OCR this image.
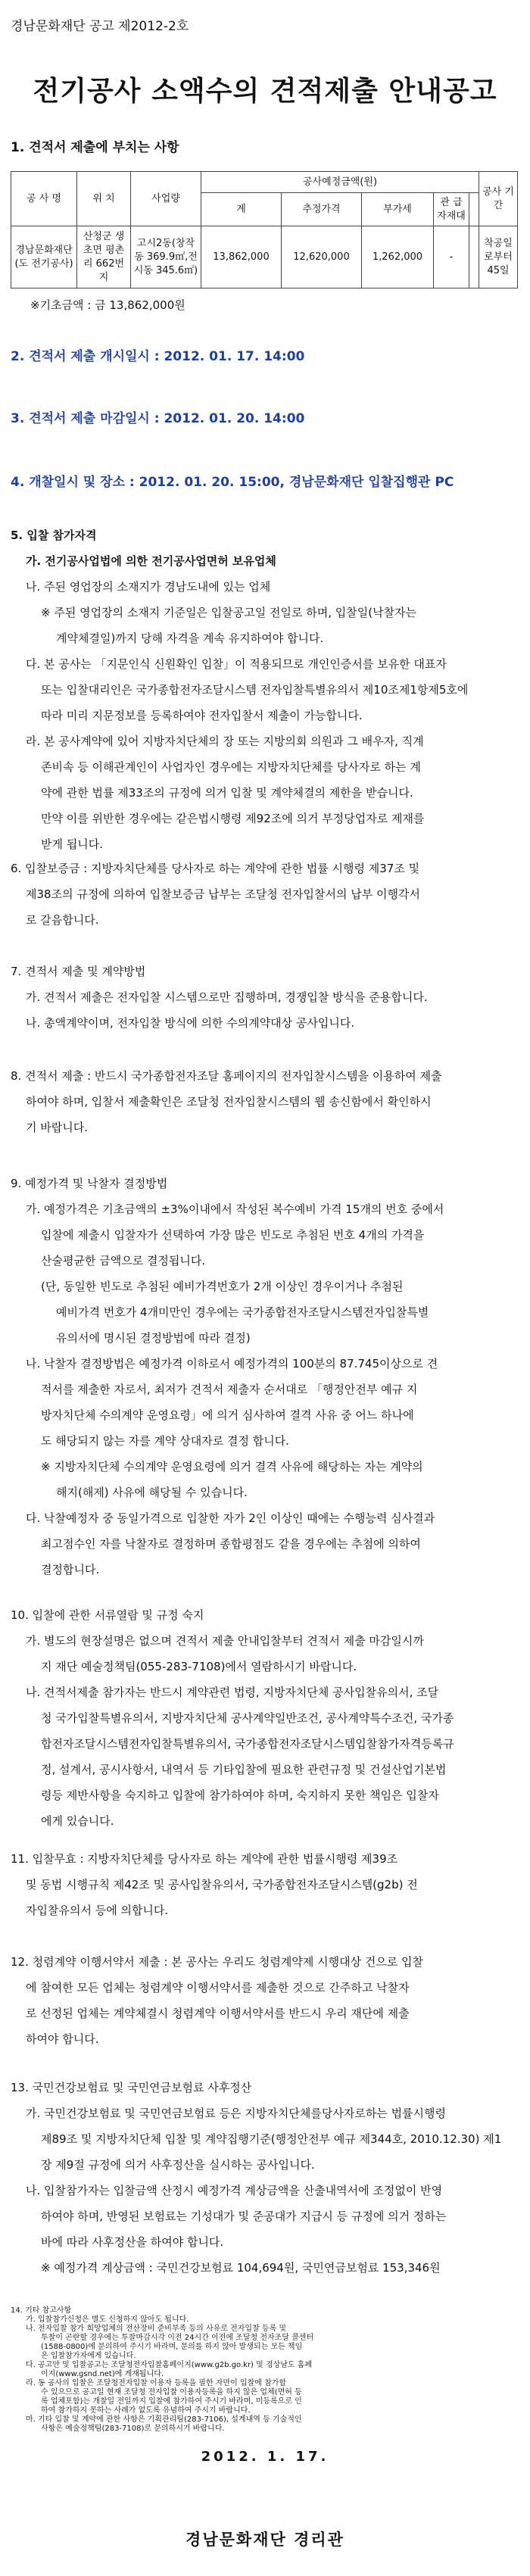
경남문화재단 공고 제2012-2호
전기공사 소액수의 견적제출 안내공고
1. 견적서 제출에 부치는 사항
공 사 명	위 치	사업량	공사예정금액(원)					공사 기간
			계	추정가격	부가세	관 급 자재대		
경남문화재단(도 전기공사)	산청군 생초면 평촌리 662번지	고시2동(창작동 369.9㎡,전시동 345.6㎡)	13,862,000	12,620,000	1,262,000	-		착공일 로부터 45일
※기초금액 : 금 13,862,000원
2. 견적서 제출 개시일시 : 2012. 01. 17. 14:00
3. 견적서 제출 마감일시 : 2012. 01. 20. 14:00
4. 개찰일시 및 장소 : 2012. 01. 20. 15:00, 경남문화재단 입찰집행관 PC

5. 입찰 참가자격

가. 전기공사업법에 의한 전기공사업면허 보유업체

나. 주된 영업장의 소재지가 경남도내에 있는 업체

※ 주된 영업장의 소재지 기준일은 입찰공고일 전일로 하며, 입찰일(낙찰자는

계약체결일)까지 당해 자격을 계속 유지하여야 합니다.

다. 본 공사는 「지문인식 신원확인 입찰」이 적용되므로 개인인증서를 보유한 대표자

또는 입찰대리인은 국가종합전자조달시스템 전자입찰특별유의서 제10조제1항제5호에

따라 미리 지문정보를 등록하여야 전자입찰서 제출이 가능합니다.

라. 본 공사계약에 있어 지방자치단체의 장 또는 지방의회 의원과 그 배우자, 직계

존비속 등 이해관계인이 사업자인 경우에는 지방자치단체를 당사자로 하는 계

약에 관한 법률 제33조의 규정에 의거 입찰 및 계약체결의 제한을 받습니다.

만약 이를 위반한 경우에는 같은법시행령 제92조에 의거 부정당업자로 제재를

받게 됩니다.

6. 입찰보증금 : 지방자치단체를 당사자로 하는 계약에 관한 법률 시행령 제37조 및

제38조의 규정에 의하여 입찰보증금 납부는 조달청 전자입찰서의 납부 이행각서

로 갈음합니다.

7. 견적서 제출 및 계약방법

가. 견적서 제출은 전자입찰 시스템으로만 집행하며, 경쟁입찰 방식을 준용합니다.

나. 총액계약이며, 전자입찰 방식에 의한 수의계약대상 공사입니다.

8. 견적서 제출 : 반드시 국가종합전자조달 홈페이지의 전자입찰시스템을 이용하여 제출

하여야 하며, 입찰서 제출확인은 조달청 전자입찰시스템의 웹 송신함에서 확인하시

기 바랍니다.

9. 예정가격 및 낙찰자 결정방법

가. 예정가격은 기초금액의 ±3%이내에서 작성된 복수예비 가격 15개의 번호 중에서

입찰에 제출시 입찰자가 선택하여 가장 많은 빈도로 추첨된 번호 4개의 가격을

산술평균한 금액으로 결정됩니다.

(단, 동일한 빈도로 추첨된 예비가격번호가 2개 이상인 경우이거나 추첨된

예비가격 번호가 4개미만인 경우에는 국가종합전자조달시스템전자입찰특별

유의서에 명시된 결정방법에 따라 결정)

나. 낙찰자 결정방법은 예정가격 이하로서 예정가격의 100분의 87.745이상으로 견

적서를 제출한 자로서, 최저가 견적서 제출자 순서대로 「행정안전부 예규 지

방자치단체 수의계약 운영요령」에 의거 심사하여 결격 사유 중 어느 하나에

도 해당되지 않는 자를 계약 상대자로 결정 합니다.

※ 지방자치단체 수의계약 운영요령에 의거 결격 사유에 해당하는 자는 계약의

해지(해제) 사유에 해당될 수 있습니다.

다. 낙찰예정자 중 동일가격으로 입찰한 자가 2인 이상인 때에는 수행능력 심사결과

최고점수인 자를 낙찰자로 결정하며 종합평점도 같을 경우에는 추첨에 의하여

결정합니다.

10. 입찰에 관한 서류열람 및 규정 숙지

가. 별도의 현장설명은 없으며 견적서 제출 안내입찰부터 견적서 제출 마감일시까

지 재단 예술정책팀(055-283-7108)에서 열람하시기 바랍니다.

나. 견적서제출 참가자는 반드시 계약관련 법령, 지방자치단체 공사입찰유의서, 조달

청 국가입찰특별유의서, 지방자치단체 공사계약일반조건, 공사계약특수조건, 국가종

합전자조달시스템전자입찰특별유의서, 국가종합전자조달시스템입찰참가자격등록규

정, 설계서, 공시사항서, 내역서 등 기타입찰에 필요한 관련규정 및 건설산업기본법

령등 제반사항을 숙지하고 입찰에 참가하여야 하며, 숙지하지 못한 책임은 입찰자

에게 있습니다.

11. 입찰무효 : 지방자치단체를 당사자로 하는 계약에 관한 법률시행령 제39조

및 동법 시행규칙 제42조 및 공사입찰유의서, 국가종합전자조달시스템(g2b) 전

자입찰유의서 등에 의합니다.

12. 청렴계약 이행서약서 제출 : 본 공사는 우리도 청렴계약제 시행대상 건으로 입찰

에 참여한 모든 업체는 청렴계약 이행서약서를 제출한 것으로 간주하고 낙찰자

로 선정된 업체는 계약체결시 청렴계약 이행서약서를 반드시 우리 재단에 제출

하여야 합니다.

13. 국민건강보험료 및 국민연금보험료 사후정산

가. 국민건강보험료 및 국민연금보험료 등은 지방자치단체를당사자로하는 법률시행령

제89조 및 지방자치단체 입찰 및 계약집행기준(행정안전부 예규 제344호, 2010.12.30) 제1

장 제9절 규정에 의거 사후정산을 실시하는 공사입니다.

나. 입찰참가자는 입찰금액 산정시 예정가격 계상금액을 산출내역서에 조정없이 반영

하여야 하며, 반영된 보험료는 기성대가 및 준공대가 지급시 등 규정에 의거 정하는

바에 따라 사후정산을 하여야 합니다.

※ 예정가격 계상금액 : 국민건강보험료 104,694원, 국민연금보험료 153,346원

14. 기타 참고사항

가. 입찰참가신청은 별도 신청하지 않아도 됩니다.

나. 전자입찰 참가 희망업체의 전산장비 준비부족 등의 사유로 전자입찰 등록 및

투찰이 곤란할 경우에는 투찰마감시각 이전 24시간 이전에 조달청 전자조달 콜센터

(1588-0800)에 문의하여 주시기 바라며, 문의를 하지 않아 발생되는 모든 책임

은 입찰참가자에게 있습니다.

다. 공고안 및 입찰공고는 조달청전자입찰홈페이지(www.g2b.go.kr) 및 경상남도 홈페

이지(www.gsnd.net)에 게재됩니다.

라. 동 공사의 입찰은 조달청전자입찰 이용자 등록을 필한 자만이 입찰에 참가할

수 있으므로 공고일 현재 조달청 전자입찰 이용자등록을 하지 않은 업체(면허 등

록 업체포함)는 개찰일 전일까지 입찰에 참가하여 주시기 바라며, 미등록으로 인

하여 참가하지 못하는 사례가 없도록 유념하여 주시기 바랍니다.

마. 기타 입찰 및 계약에 관한 사항은 기획관리팀(283-7106), 설계내역 등 기술적인

사항은 예술정책팀(283-7108)로 문의하시기 바랍니다.

2012. 1. 17.
경남문화재단 경리관
